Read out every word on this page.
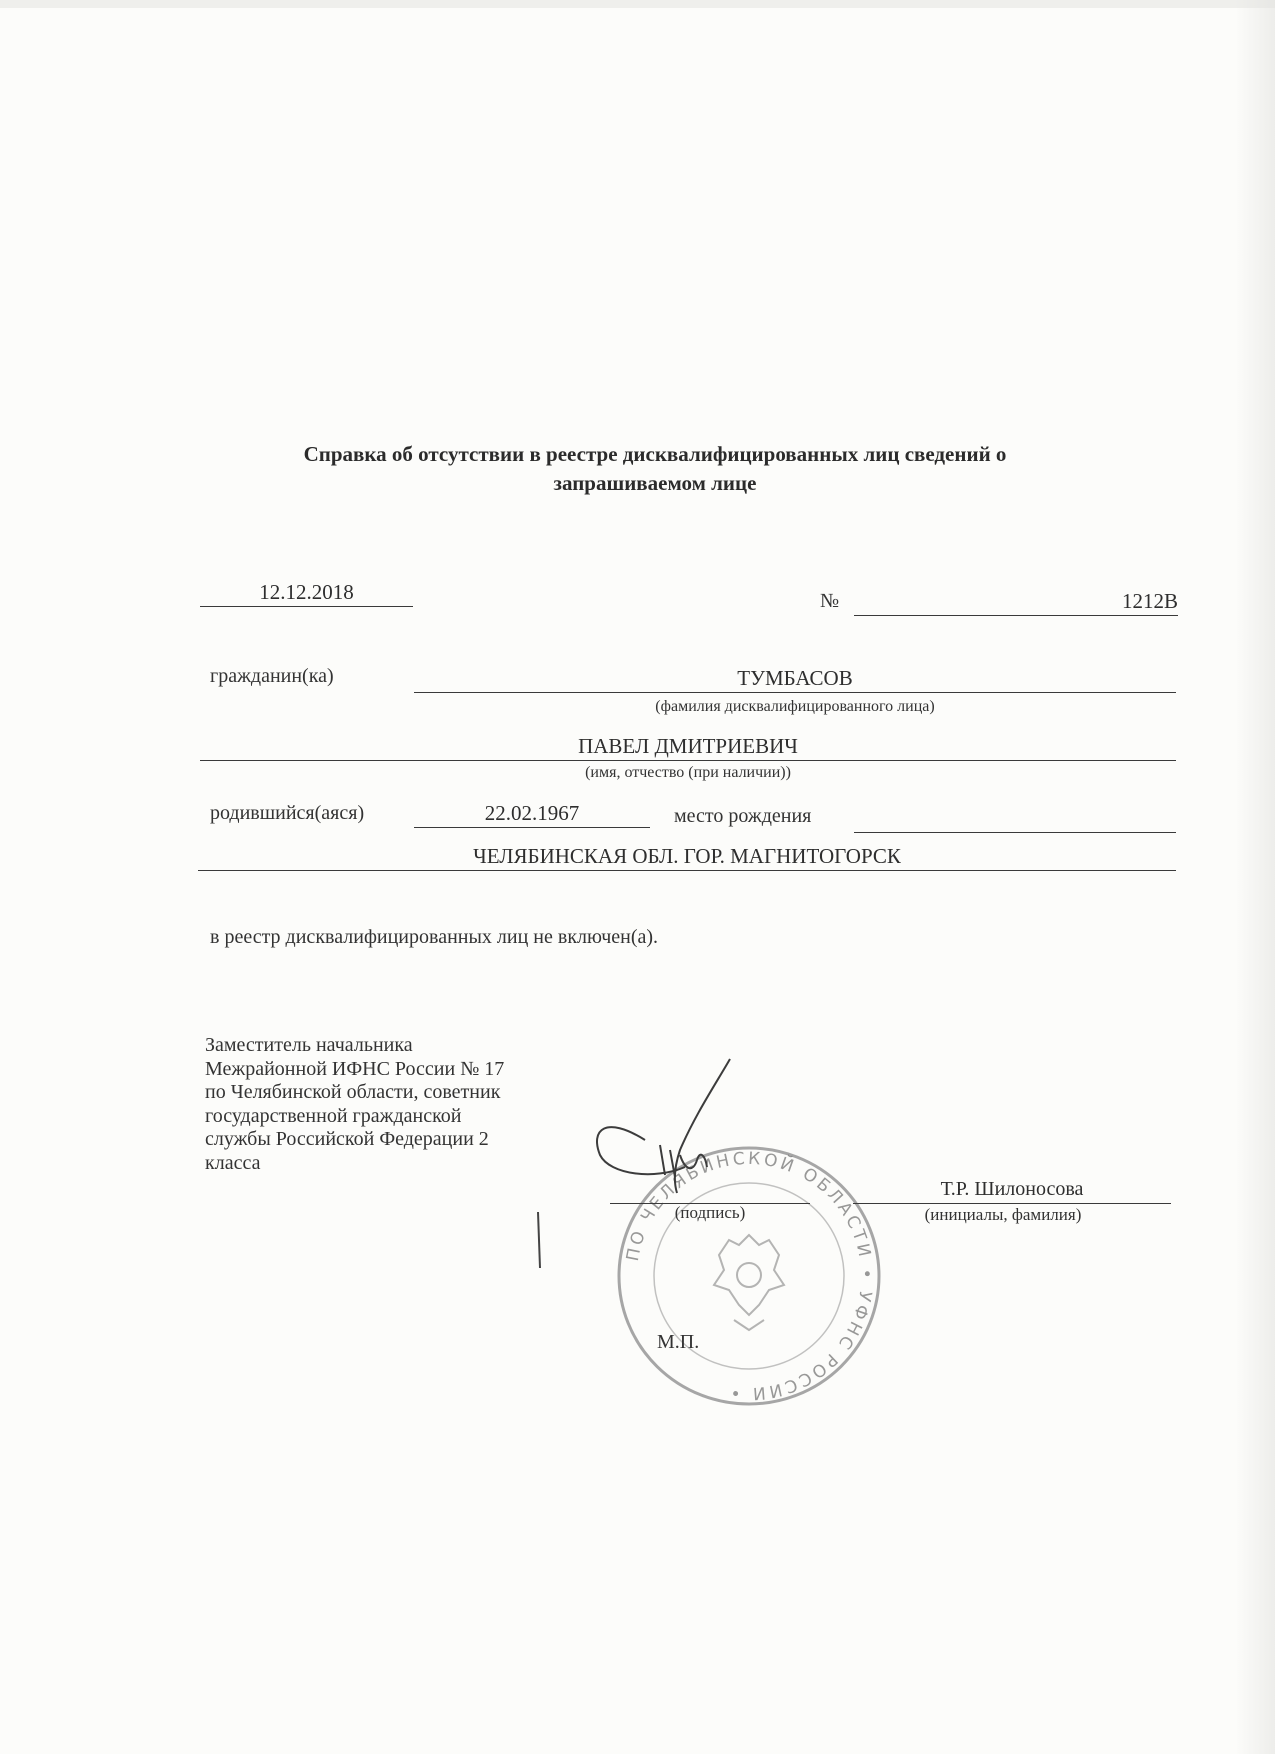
Справка об отсутствии в реестре дисквалифицированных лиц сведений о запрашиваемом лице
12.12.2018	№	1212В
гражданин(ка)	ТУМБАСОВ
(фамилия дисквалифицированного лица)
ПАВЕЛ ДМИТРИЕВИЧ
(имя, отчество (при наличии))
родившийся(аяся)	22.02.1967	место рождения
ЧЕЛЯБИНСКАЯ ОБЛ. ГОР. МАГНИТОГОРСК
в реестр дисквалифицированных лиц не включен(а).
Заместитель начальника
Межрайонной ИФНС России № 17
по Челябинской области, советник
государственной гражданской
службы Российской Федерации 2
класса
ПО ЧЕЛЯБИНСКОЙ ОБЛАСТИ • УФНС РОССИИ •
(подпись)
Т.Р. Шилоносова
(инициалы, фамилия)
М.П.
